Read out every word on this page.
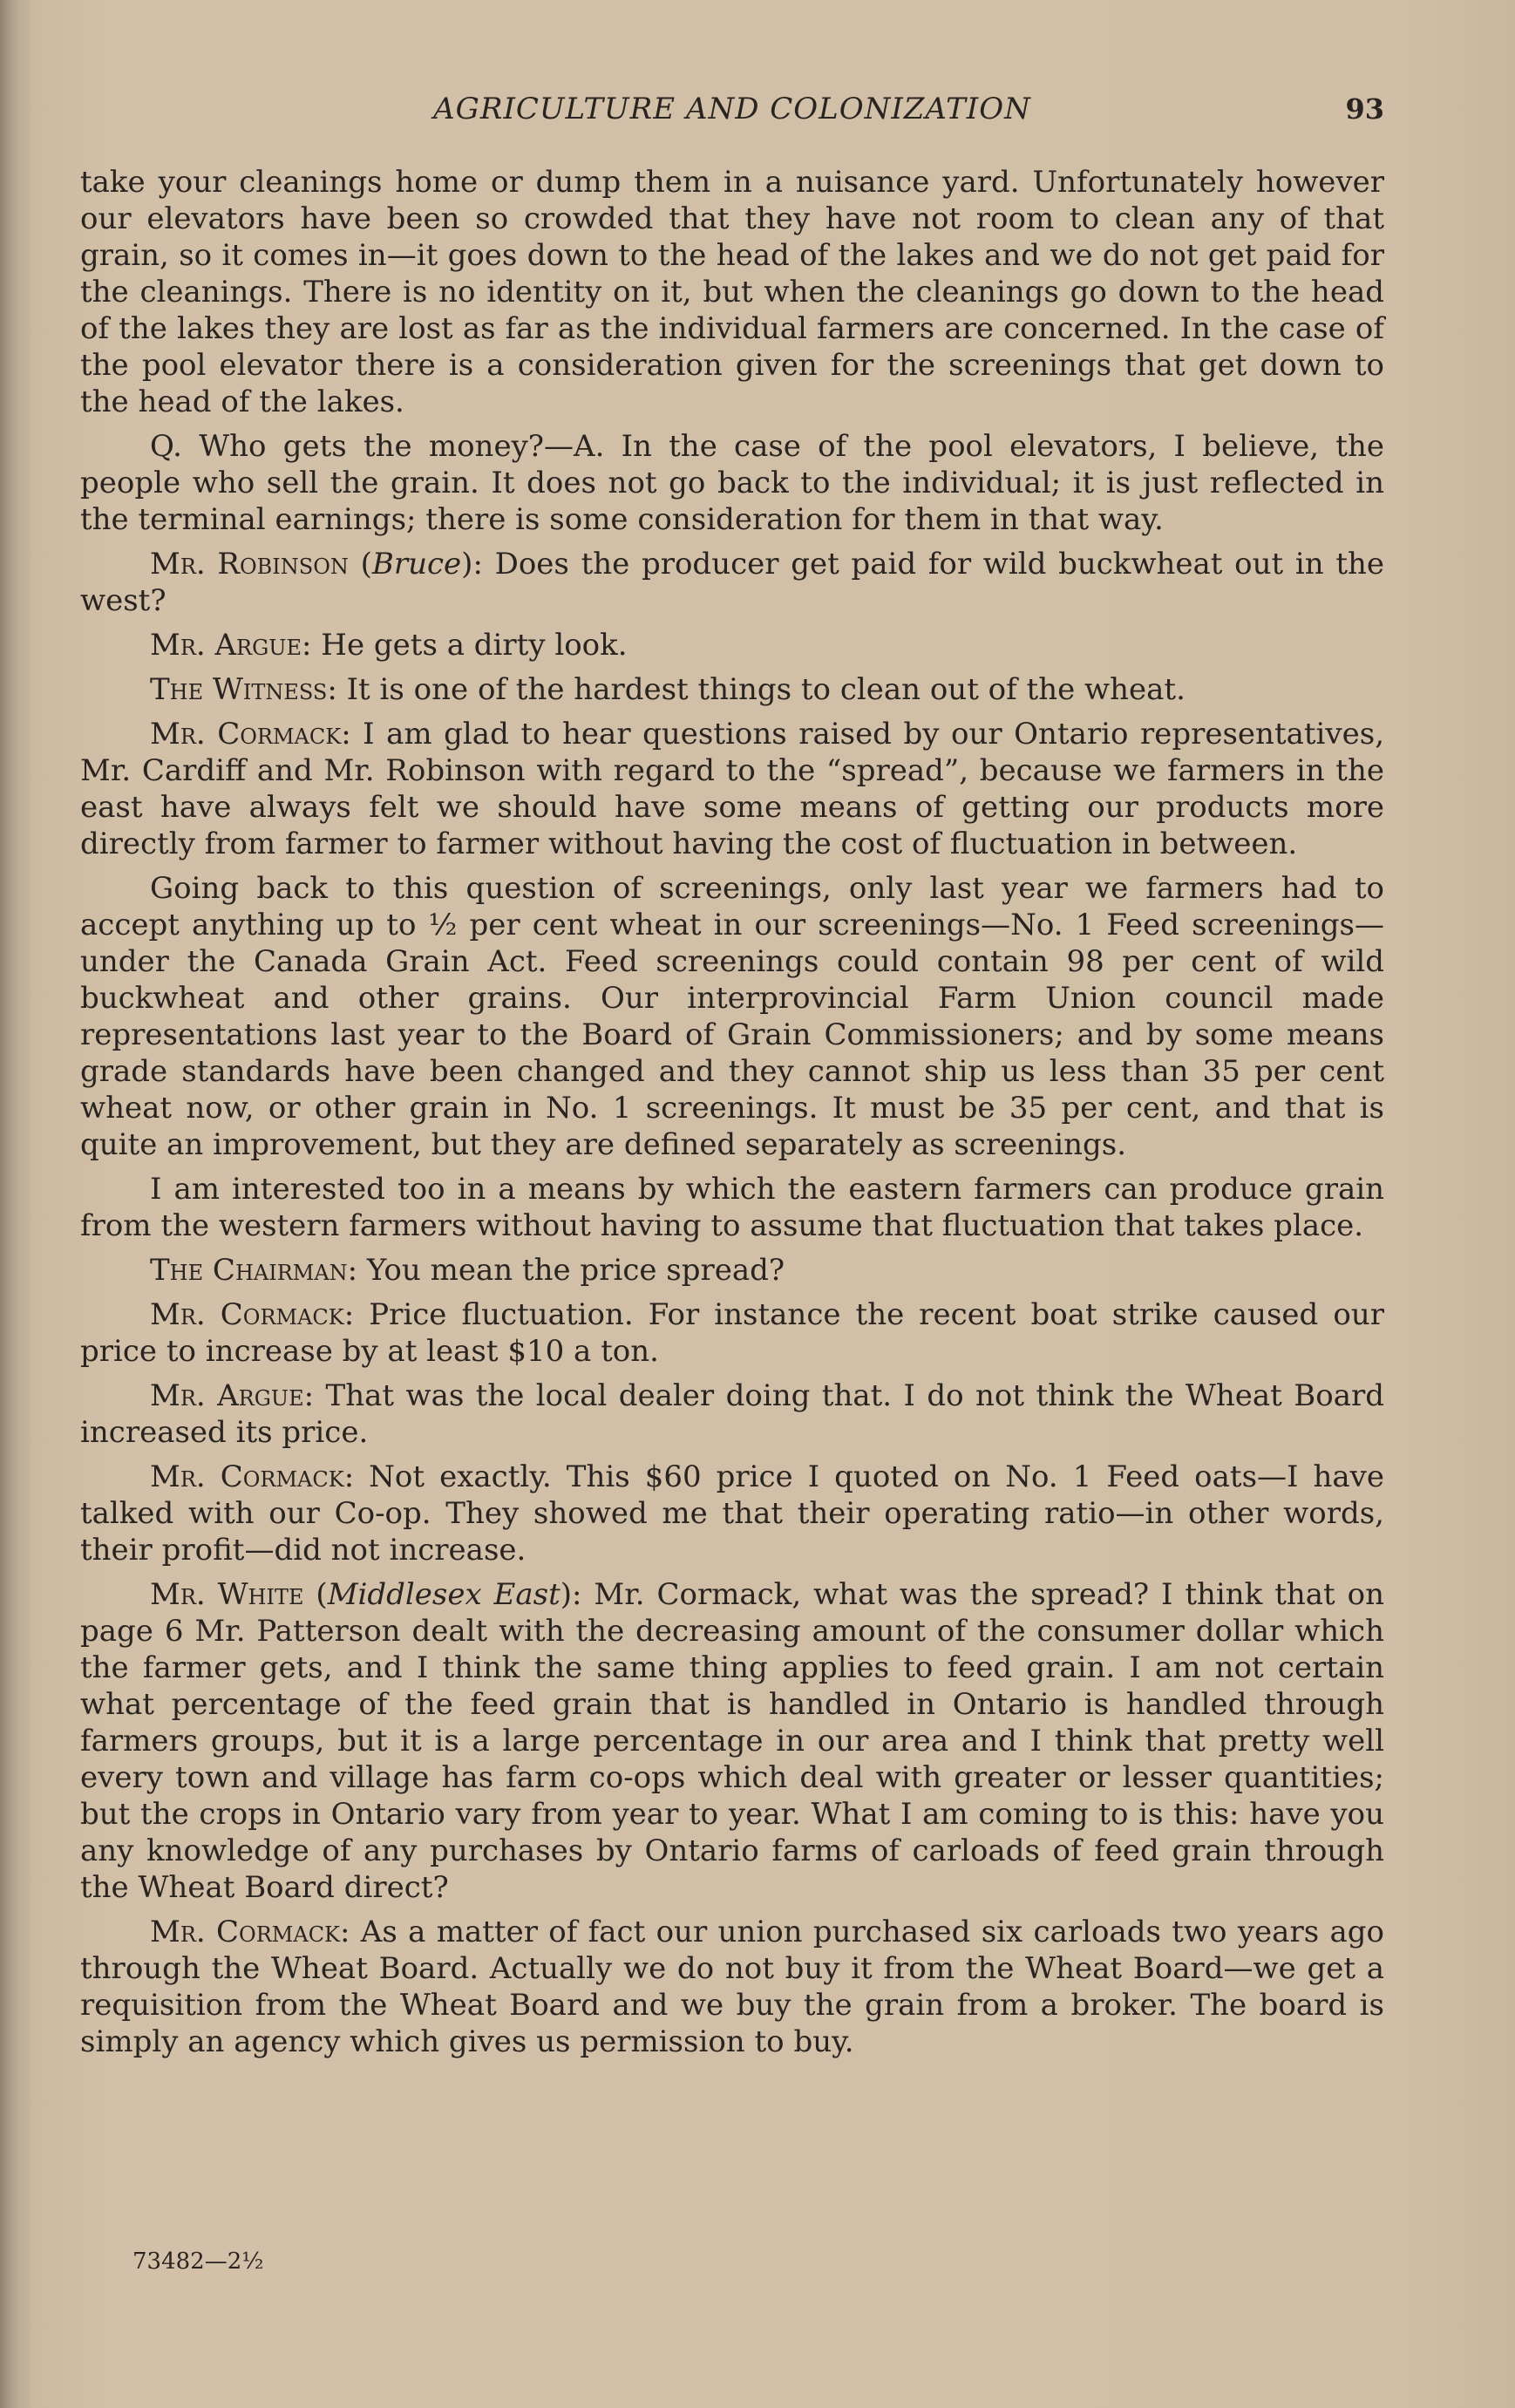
AGRICULTURE AND COLONIZATION	93

take your cleanings home or dump them in a nuisance yard. Unfortunately however our elevators have been so crowded that they have not room to clean any of that grain, so it comes in—it goes down to the head of the lakes and we do not get paid for the cleanings. There is no identity on it, but when the cleanings go down to the head of the lakes they are lost as far as the individual farmers are concerned. In the case of the pool elevator there is a consideration given for the screenings that get down to the head of the lakes.

Q. Who gets the money?—A. In the case of the pool elevators, I believe, the people who sell the grain. It does not go back to the individual; it is just reflected in the terminal earnings; there is some consideration for them in that way.

Mr. Robinson (Bruce): Does the producer get paid for wild buckwheat out in the west?

Mr. Argue: He gets a dirty look.

The Witness: It is one of the hardest things to clean out of the wheat.

Mr. Cormack: I am glad to hear questions raised by our Ontario representatives, Mr. Cardiff and Mr. Robinson with regard to the “spread”, because we farmers in the east have always felt we should have some means of getting our products more directly from farmer to farmer without having the cost of fluctuation in between.

Going back to this question of screenings, only last year we farmers had to accept anything up to ½ per cent wheat in our screenings—No. 1 Feed screenings—under the Canada Grain Act. Feed screenings could contain 98 per cent of wild buckwheat and other grains. Our interprovincial Farm Union council made representations last year to the Board of Grain Commissioners; and by some means grade standards have been changed and they cannot ship us less than 35 per cent wheat now, or other grain in No. 1 screenings. It must be 35 per cent, and that is quite an improvement, but they are defined separately as screenings.

I am interested too in a means by which the eastern farmers can produce grain from the western farmers without having to assume that fluctuation that takes place.

The Chairman: You mean the price spread?

Mr. Cormack: Price fluctuation. For instance the recent boat strike caused our price to increase by at least $10 a ton.

Mr. Argue: That was the local dealer doing that. I do not think the Wheat Board increased its price.

Mr. Cormack: Not exactly. This $60 price I quoted on No. 1 Feed oats—I have talked with our Co-op. They showed me that their operating ratio—in other words, their profit—did not increase.

Mr. White (Middlesex East): Mr. Cormack, what was the spread? I think that on page 6 Mr. Patterson dealt with the decreasing amount of the consumer dollar which the farmer gets, and I think the same thing applies to feed grain. I am not certain what percentage of the feed grain that is handled in Ontario is handled through farmers groups, but it is a large percentage in our area and I think that pretty well every town and village has farm co-ops which deal with greater or lesser quantities; but the crops in Ontario vary from year to year. What I am coming to is this: have you any knowledge of any purchases by Ontario farms of carloads of feed grain through the Wheat Board direct?

Mr. Cormack: As a matter of fact our union purchased six carloads two years ago through the Wheat Board. Actually we do not buy it from the Wheat Board—we get a requisition from the Wheat Board and we buy the grain from a broker. The board is simply an agency which gives us permission to buy.

73482—2½
